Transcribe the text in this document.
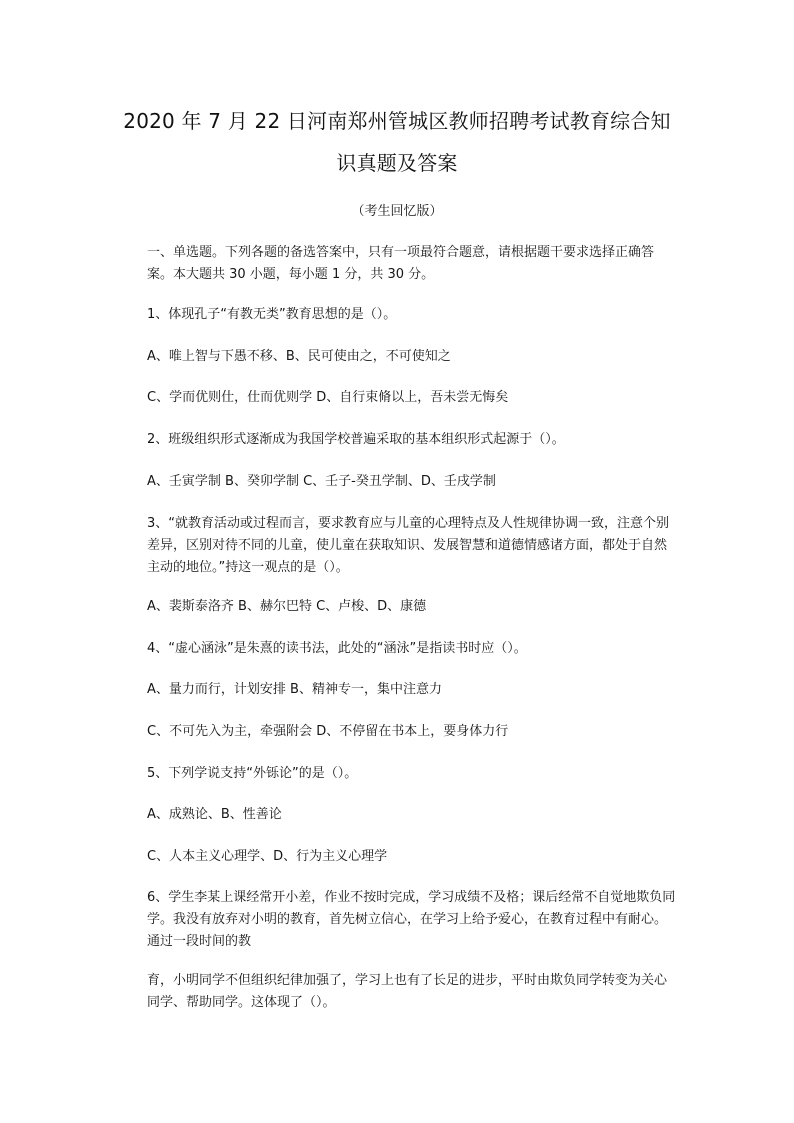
2020 年 7 月 22 日河南郑州管城区教师招聘考试教育综合知
识真题及答案
（考生回忆版）
一、单选题。下列各题的备选答案中，只有一项最符合题意，请根据题干要求选择正确答案。本大题共 30 小题，每小题 1 分，共 30 分。
1、体现孔子“有教无类”教育思想的是（）。
A、唯上智与下愚不移、B、民可使由之，不可使知之
C、学而优则仕，仕而优则学 D、自行束脩以上，吾未尝无悔矣
2、班级组织形式逐渐成为我国学校普遍采取的基本组织形式起源于（）。
A、壬寅学制 B、癸卯学制 C、壬子-癸丑学制、D、壬戌学制
3、“就教育活动或过程而言，要求教育应与儿童的心理特点及人性规律协调一致，注意个别差异，区别对待不同的儿童，使儿童在获取知识、发展智慧和道德情感诸方面，都处于自然主动的地位。”持这一观点的是（）。
A、裴斯泰洛齐 B、赫尔巴特 C、卢梭、D、康德
4、“虚心涵泳”是朱熹的读书法，此处的“涵泳”是指读书时应（）。
A、量力而行，计划安排 B、精神专一，集中注意力
C、不可先入为主，牵强附会 D、不停留在书本上，要身体力行
5、下列学说支持“外铄论”的是（）。
A、成熟论、B、性善论
C、人本主义心理学、D、行为主义心理学
6、学生李某上课经常开小差，作业不按时完成，学习成绩不及格；课后经常不自觉地欺负同学。我没有放弃对小明的教育，首先树立信心，在学习上给予爱心，在教育过程中有耐心。通过一段时间的教
育，小明同学不但组织纪律加强了，学习上也有了长足的进步，平时由欺负同学转变为关心同学、帮助同学。这体现了（）。
